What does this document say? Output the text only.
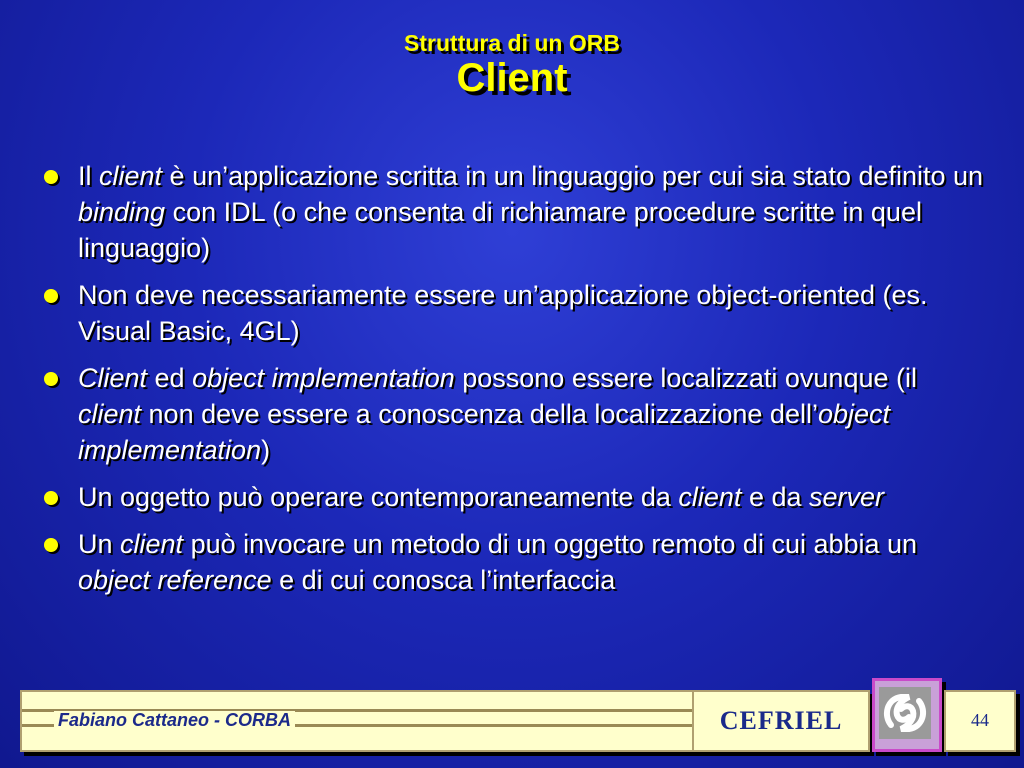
Struttura di un ORB
Client
Il client è un’applicazione scritta in un linguaggio per cui sia stato definito un binding con IDL (o che consenta di richiamare procedure scritte in quel linguaggio)
Non deve necessariamente essere un’applicazione object-oriented (es. Visual Basic, 4GL)
Client ed object implementation possono essere localizzati ovunque (il client non deve essere a conoscenza della localizzazione dell’object implementation)
Un oggetto può operare contemporaneamente da client e da server
Un client può invocare un metodo di un oggetto remoto di cui abbia un object reference e di cui conosca l’interfaccia
Fabiano Cattaneo - CORBA	CEFRIEL	44
